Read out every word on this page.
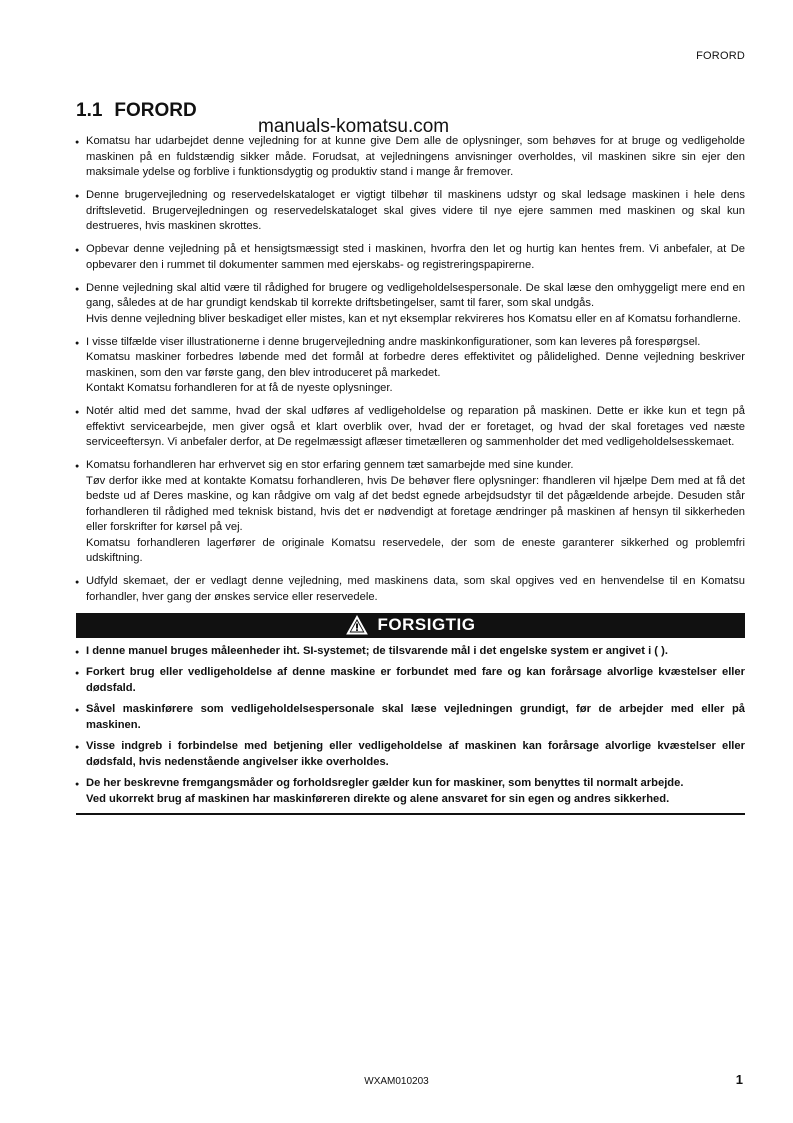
FORORD
1.1 FORORD
manuals-komatsu.com

● Komatsu har udarbejdet denne vejledning for at kunne give Dem alle de oplysninger, som behøves for at bruge og vedligeholde maskinen på en fuldstændig sikker måde. Forudsat, at vejledningens anvisninger overholdes, vil maskinen sikre sin ejer den maksimale ydelse og forblive i funktionsdygtig og produktiv stand i mange år fremover.

● Denne brugervejledning og reservedelskataloget er vigtigt tilbehør til maskinens udstyr og skal ledsage maskinen i hele dens driftslevetid. Brugervejledningen og reservedelskataloget skal gives videre til nye ejere sammen med maskinen og skal kun destrueres, hvis maskinen skrottes.

● Opbevar denne vejledning på et hensigtsmæssigt sted i maskinen, hvorfra den let og hurtig kan hentes frem. Vi anbefaler, at De opbevarer den i rummet til dokumenter sammen med ejerskabs- og registreringspapirerne.

● Denne vejledning skal altid være til rådighed for brugere og vedligeholdelsespersonale. De skal læse den omhyggeligt mere end en gang, således at de har grundigt kendskab til korrekte driftsbetingelser, samt til farer, som skal undgås.

Hvis denne vejledning bliver beskadiget eller mistes, kan et nyt eksemplar rekvireres hos Komatsu eller en af Komatsu forhandlerne.

● I visse tilfælde viser illustrationerne i denne brugervejledning andre maskinkonfigurationer, som kan leveres på forespørgsel.

Komatsu maskiner forbedres løbende med det formål at forbedre deres effektivitet og pålidelighed. Denne vejledning beskriver maskinen, som den var første gang, den blev introduceret på markedet.

Kontakt Komatsu forhandleren for at få de nyeste oplysninger.

● Notér altid med det samme, hvad der skal udføres af vedligeholdelse og reparation på maskinen. Dette er ikke kun et tegn på effektivt servicearbejde, men giver også et klart overblik over, hvad der er foretaget, og hvad der skal foretages ved næste serviceeftersyn. Vi anbefaler derfor, at De regelmæssigt aflæser timetælleren og sammenholder det med vedligeholdelsesskemaet.

● Komatsu forhandleren har erhvervet sig en stor erfaring gennem tæt samarbejde med sine kunder.

Tøv derfor ikke med at kontakte Komatsu forhandleren, hvis De behøver flere oplysninger: fhandleren vil hjælpe Dem med at få det bedste ud af Deres maskine, og kan rådgive om valg af det bedst egnede arbejdsudstyr til det pågældende arbejde. Desuden står forhandleren til rådighed med teknisk bistand, hvis det er nødvendigt at foretage ændringer på maskinen af hensyn til sikkerheden eller forskrifter for kørsel på vej.

Komatsu forhandleren lagerfører de originale Komatsu reservedele, der som de eneste garanterer sikkerhed og problemfri udskiftning.

● Udfyld skemaet, der er vedlagt denne vejledning, med maskinens data, som skal opgives ved en henvendelse til en Komatsu forhandler, hver gang der ønskes service eller reservedele.

FORSIGTIG

● I denne manuel bruges måleenheder iht. SI-systemet; de tilsvarende mål i det engelske system er angivet i ( ).

● Forkert brug eller vedligeholdelse af denne maskine er forbundet med fare og kan forårsage alvorlige kvæstelser eller dødsfald.

● Såvel maskinførere som vedligeholdelsespersonale skal læse vejledningen grundigt, før de arbejder med eller på maskinen.

● Visse indgreb i forbindelse med betjening eller vedligeholdelse af maskinen kan forårsage alvorlige kvæstelser eller dødsfald, hvis nedenstående angivelser ikke overholdes.

● De her beskrevne fremgangsmåder og forholdsregler gælder kun for maskiner, som benyttes til normalt arbejde.

Ved ukorrekt brug af maskinen har maskinføreren direkte og alene ansvaret for sin egen og andres sikkerhed.

WXAM010203	1
